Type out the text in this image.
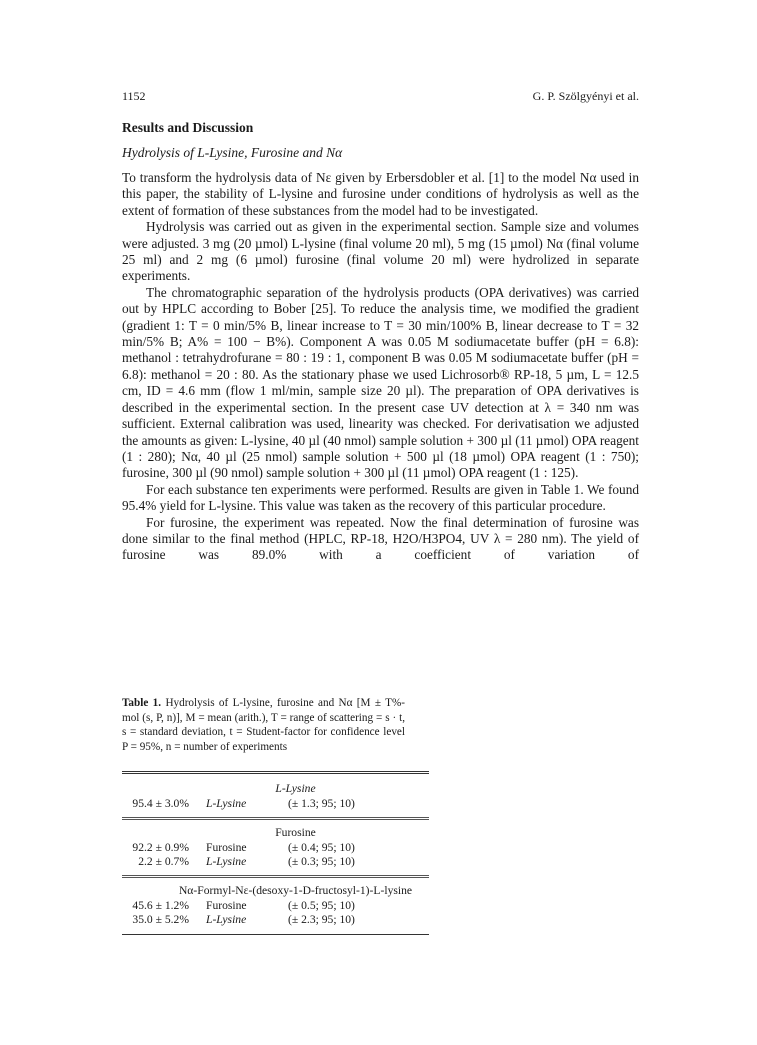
1152	G. P. Szölgyényi et al.
Results and Discussion
Hydrolysis of L-Lysine, Furosine and Nα

To transform the hydrolysis data of Nε given by Erbersdobler et al. [1] to the model Nα used in this paper, the stability of L-lysine and furosine under conditions of hydrolysis as well as the extent of formation of these substances from the model had to be investigated.

Hydrolysis was carried out as given in the experimental section. Sample size and volumes were adjusted. 3 mg (20 µmol) L-lysine (final volume 20 ml), 5 mg (15 µmol) Nα (final volume 25 ml) and 2 mg (6 µmol) furosine (final volume 20 ml) were hydrolized in separate experiments.

The chromatographic separation of the hydrolysis products (OPA derivatives) was carried out by HPLC according to Bober [25]. To reduce the analysis time, we modified the gradient (gradient 1: T = 0 min/5% B, linear increase to T = 30 min/100% B, linear decrease to T = 32 min/5% B; A% = 100 − B%). Component A was 0.05 M sodiumacetate buffer (pH = 6.8): methanol : tetrahydrofurane = 80 : 19 : 1, component B was 0.05 M sodiumacetate buffer (pH = 6.8): methanol = 20 : 80. As the stationary phase we used Lichrosorb® RP-18, 5 µm, L = 12.5 cm, ID = 4.6 mm (flow 1 ml/min, sample size 20 µl). The preparation of OPA derivatives is described in the experimental section. In the present case UV detection at λ = 340 nm was sufficient. External calibration was used, linearity was checked. For derivatisation we adjusted the amounts as given: L-lysine, 40 µl (40 nmol) sample solution + 300 µl (11 µmol) OPA reagent (1 : 280); Nα, 40 µl (25 nmol) sample solution + 500 µl (18 µmol) OPA reagent (1 : 750); furosine, 300 µl (90 nmol) sample solution + 300 µl (11 µmol) OPA reagent (1 : 125).

For each substance ten experiments were performed. Results are given in Table 1. We found 95.4% yield for L-lysine. This value was taken as the recovery of this particular procedure.

For furosine, the experiment was repeated. Now the final determination of furosine was done similar to the final method (HPLC, RP-18, H2O/H3PO4, UV λ = 280 nm). The yield of furosine was 89.0% with a coefficient of variation of

Table 1. Hydrolysis of L-lysine, furosine and Nα [M ± T%-mol (s, P, n)], M = mean (arith.), T = range of scattering = s · t, s = standard deviation, t = Student-factor for confidence level P = 95%, n = number of experiments
L-Lysine
95.4 ± 3.0% L-Lysine	(± 1.3; 95; 10)
Furosine
92.2 ± 0.9% Furosine	(± 0.4; 95; 10)
2.2 ± 0.7% L-Lysine	(± 0.3; 95; 10)
Nα-Formyl-Nε-(desoxy-1-D-fructosyl-1)-L-lysine
45.6 ± 1.2% Furosine	(± 0.5; 95; 10)
35.0 ± 5.2% L-Lysine	(± 2.3; 95; 10)
